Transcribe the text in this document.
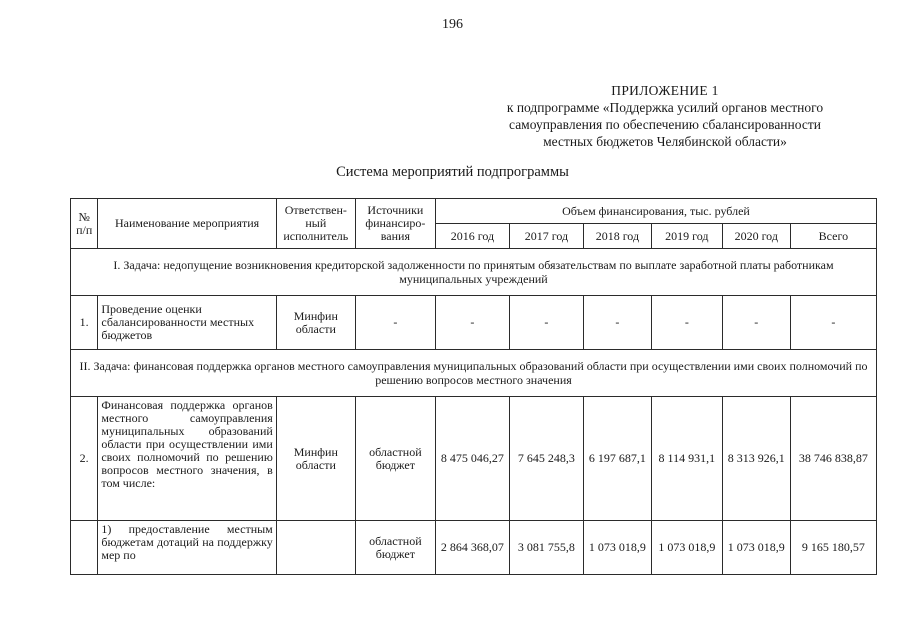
196
ПРИЛОЖЕНИЕ 1
к подпрограмме «Поддержка усилий органов местного
самоуправления по обеспечению сбалансированности
местных бюджетов Челябинской области»
Система мероприятий подпрограммы
№ п/п	Наименование мероприятия	Ответствен-ный исполнитель	Источники финансиро-вания	Объем финансирования, тыс. рублей					
				2016 год	2017 год	2018 год	2019 год	2020 год	Всего
I. Задача: недопущение возникновения кредиторской задолженности по принятым обязательствам по выплате заработной платы работникам муниципальных учреждений									
1.	Проведение оценки сбалансированности местных бюджетов	Минфин области	-	-	-	-	-	-	-
II. Задача: финансовая поддержка органов местного самоуправления муниципальных образований области при осуществлении ими своих полномочий по решению вопросов местного значения									
2.	Финансовая поддержка органов местного самоуправления муниципальных образований области при осуществлении ими своих полномочий по решению вопросов местного значения, в том числе:	Минфин области	областной бюджет	8 475 046,27	7 645 248,3	6 197 687,1	8 114 931,1	8 313 926,1	38 746 838,87
	1) предоставление местным бюджетам дотаций на поддержку мер по		областной бюджет	2 864 368,07	3 081 755,8	1 073 018,9	1 073 018,9	1 073 018,9	9 165 180,57
